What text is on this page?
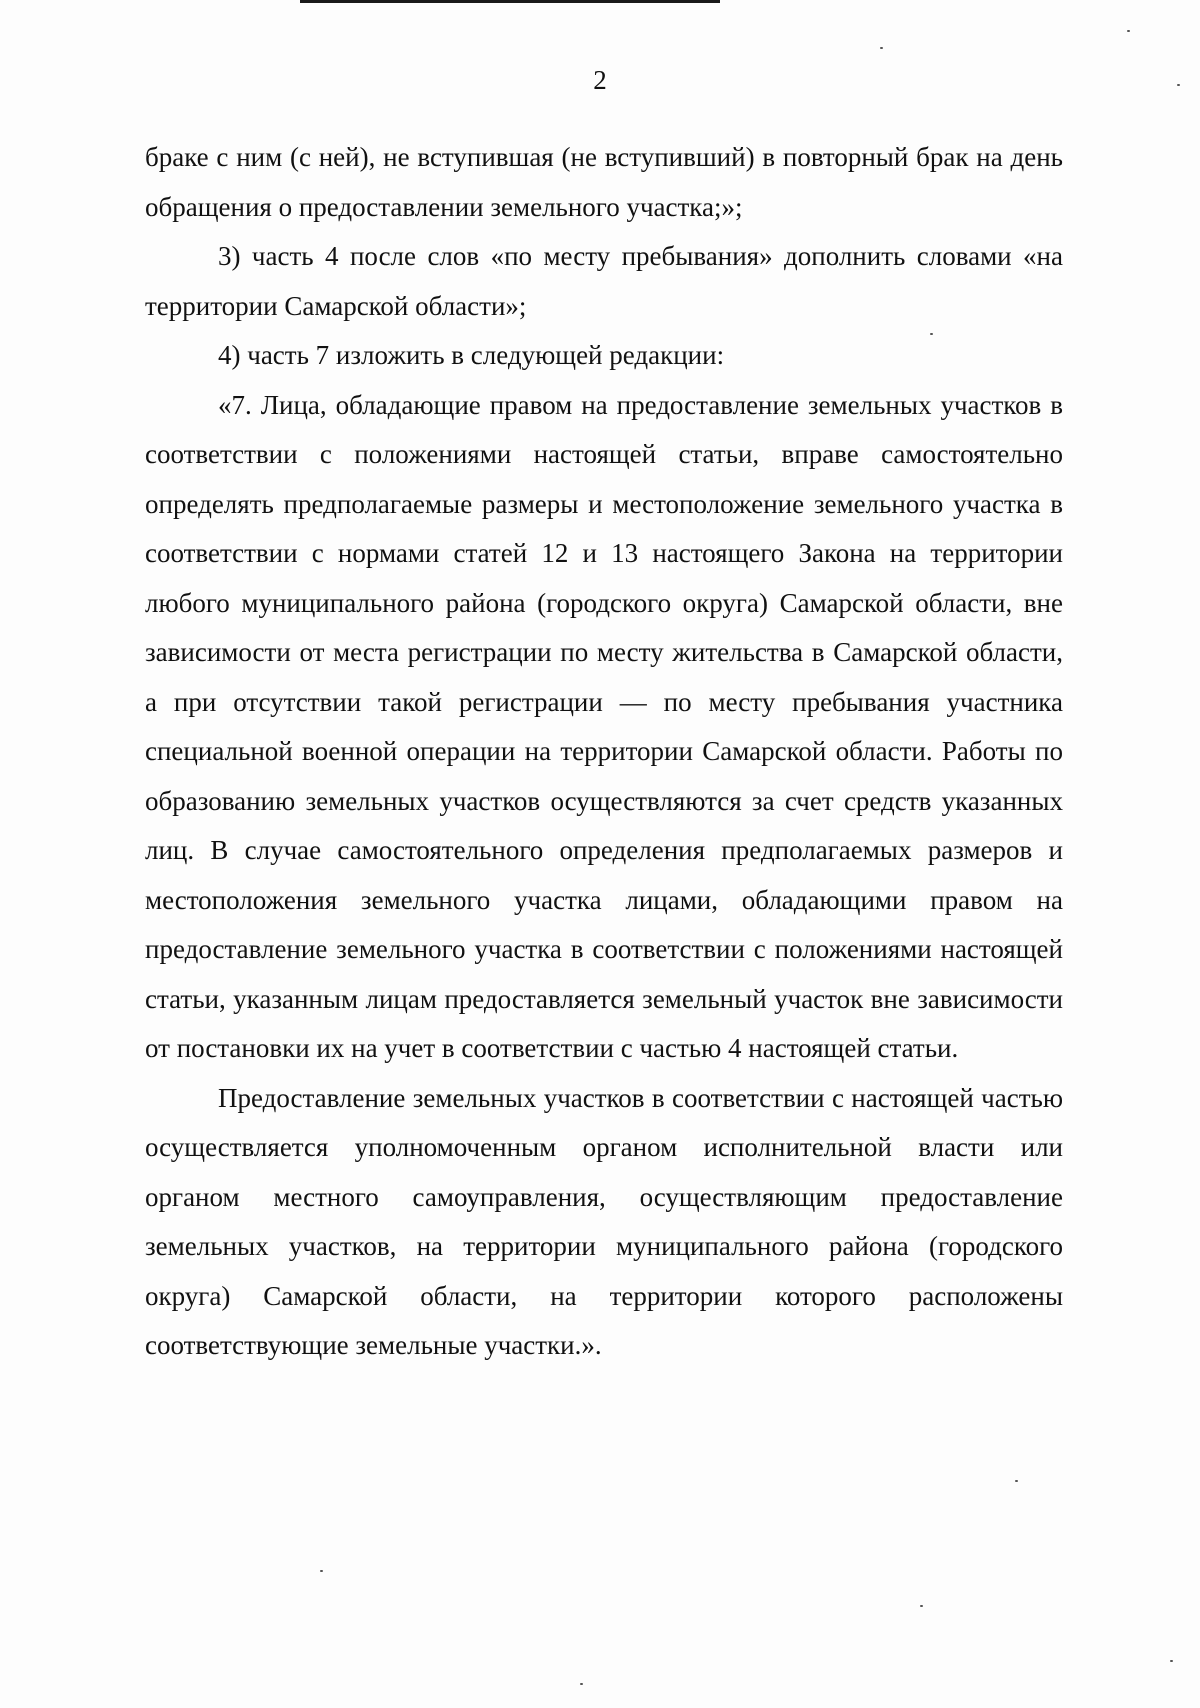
2

браке с ним (с ней), не вступившая (не вступивший) в повторный брак на день обращения о предоставлении земельного участка;»;

3) часть 4 после слов «по месту пребывания» дополнить словами «на территории Самарской области»;

4) часть 7 изложить в следующей редакции:

«7. Лица, обладающие правом на предоставление земельных участков в соответствии с положениями настоящей статьи, вправе самостоятельно определять предполагаемые размеры и местоположение земельного участка в соответствии с нормами статей 12 и 13 настоящего Закона на территории любого муниципального района (городского округа) Самарской области, вне зависимости от места регистрации по месту жительства в Самарской области, а при отсутствии такой регистрации — по месту пребывания участника специальной военной операции на территории Самарской области. Работы по образованию земельных участков осуществляются за счет средств указанных лиц. В случае самостоятельного определения предполагаемых размеров и местоположения земельного участка лицами, обладающими правом на предоставление земельного участка в соответствии с положениями настоящей статьи, указанным лицам предоставляется земельный участок вне зависимости от постановки их на учет в соответствии с частью 4 настоящей статьи.

Предоставление земельных участков в соответствии с настоящей частью осуществляется уполномоченным органом исполнительной власти или органом местного самоуправления, осуществляющим предоставление земельных участков, на территории муниципального района (городского округа) Самарской области, на территории которого расположены соответствующие земельные участки.».
